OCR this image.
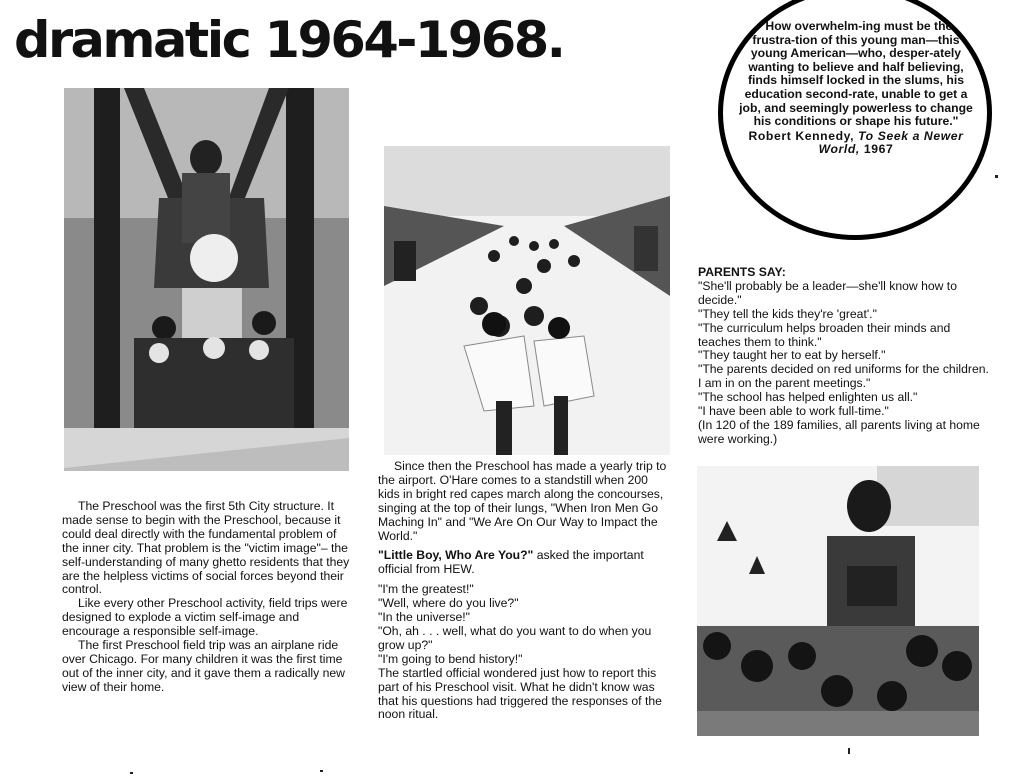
dramatic 1964-1968.

The Preschool was the first 5th City structure. It made sense to begin with the Preschool, because it could deal directly with the fundamental problem of the inner city. That problem is the "victim image"– the self-understanding of many ghetto residents that they are the helpless victims of social forces beyond their control.

Like every other Preschool activity, field trips were designed to explode a victim self-image and encourage a responsible self-image.

The first Preschool field trip was an airplane ride over Chicago. For many children it was the first time out of the inner city, and it gave them a radically new view of their home.

Since then the Preschool has made a yearly trip to the airport. O'Hare comes to a standstill when 200 kids in bright red capes march along the concourses, singing at the top of their lungs, "When Iron Men Go Maching In" and "We Are On Our Way to Impact the World."

"Little Boy, Who Are You?" asked the important official from HEW.

"I'm the greatest!"

"Well, where do you live?"

"In the universe!"

"Oh, ah . . . well, what do you want to do when you grow up?"

"I'm going to bend history!"

The startled official wondered just how to report this part of his Preschool visit. What he didn't know was that his questions had triggered the responses of the noon ritual.

"How overwhelm-ing must be the frustra-tion of this young man—this young American—who, desper-ately wanting to believe and half believing, finds himself locked in the slums, his education second-rate, unable to get a job, and seemingly powerless to change his conditions or shape his future."

Robert Kennedy, To Seek a Newer World, 1967

PARENTS SAY:

"She'll probably be a leader—she'll know how to decide."

"They tell the kids they're 'great'."

"The curriculum helps broaden their minds and teaches them to think."

"They taught her to eat by herself."

"The parents decided on red uniforms for the children. I am in on the parent meetings."

"The school has helped enlighten us all."

"I have been able to work full-time."

(In 120 of the 189 families, all parents living at home were working.)
